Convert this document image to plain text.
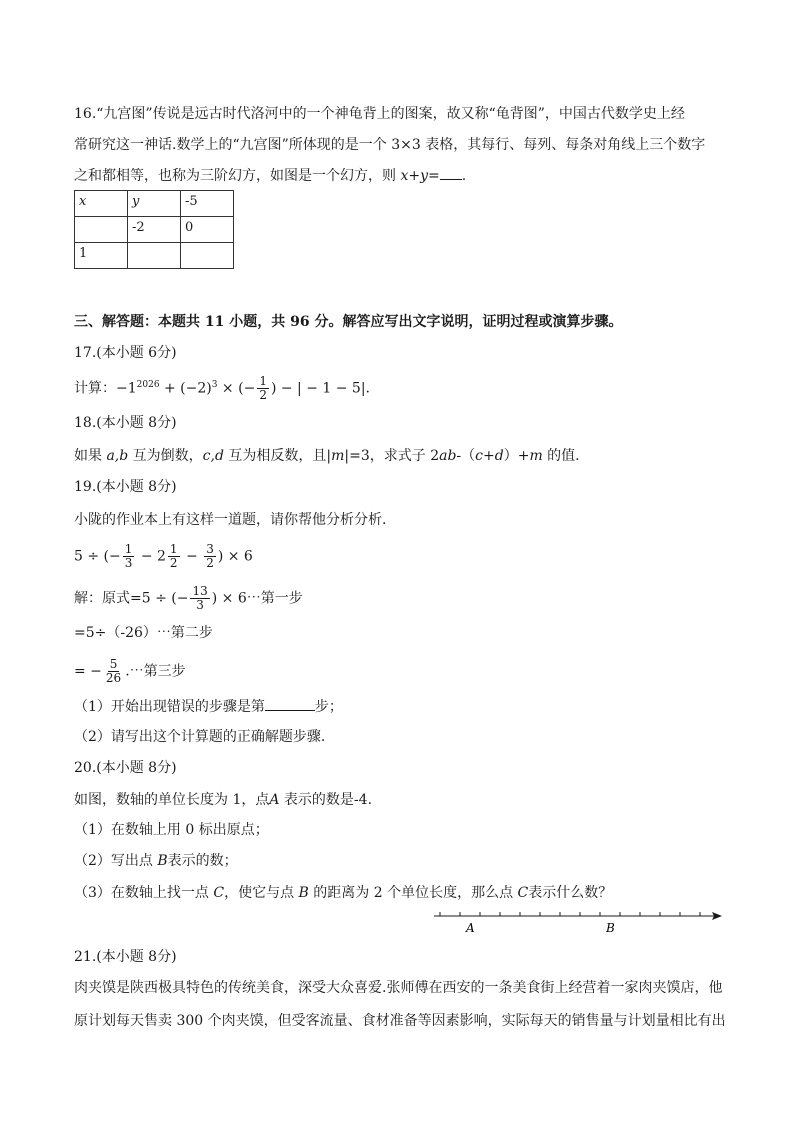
16.“九宫图”传说是远古时代洛河中的一个神龟背上的图案，故又称“龟背图”，中国古代数学史上经
常研究这一神话.数学上的“九宫图”所体现的是一个 3×3 表格，其每行、每列、每条对角线上三个数字
之和都相等，也称为三阶幻方，如图是一个幻方，则 x+y= .
x	y	-5
	-2	0
1		
三、解答题：本题共 11 小题，共 96 分。解答应写出文字说明，证明过程或演算步骤。
17.(本小题 6分)
计算：$-1^{2026} + (-2)^3$ × (− $\frac{1}{2}$ ) − | − 1 − 5|.
18.(本小题 8分)
如果 a,b 互为倒数，c,d 互为相反数，且|m|=3，求式子 2ab-（c+d）+m 的值.
19.(本小题 8分)
小陇的作业本上有这样一道题，请你帮他分析分析.
5 ÷ (− $\frac{1}{3} - 2 \frac{1}{2} - \frac{3}{2}$ ) × 6
解：原式=5 ÷ (− $\frac{13}{3}$ ) × 6⋯第一步
=5÷（-26）⋯第二步
= − $\frac{5}{26}$ .⋯第三步
（1）开始出现错误的步骤是第	步；
（2）请写出这个计算题的正确解题步骤.
20.(本小题 8分)
如图，数轴的单位长度为 1，点A 表示的数是-4.
（1）在数轴上用 0 标出原点；
（2）写出点 B表示的数；
（3）在数轴上找一点 C，使它与点 B 的距离为 2 个单位长度，那么点 C表示什么数？
A	B
21.(本小题 8分)
肉夹馍是陕西极具特色的传统美食，深受大众喜爱.张师傅在西安的一条美食街上经营着一家肉夹馍店，他
原计划每天售卖 300 个肉夹馍，但受客流量、食材准备等因素影响，实际每天的销售量与计划量相比有出
